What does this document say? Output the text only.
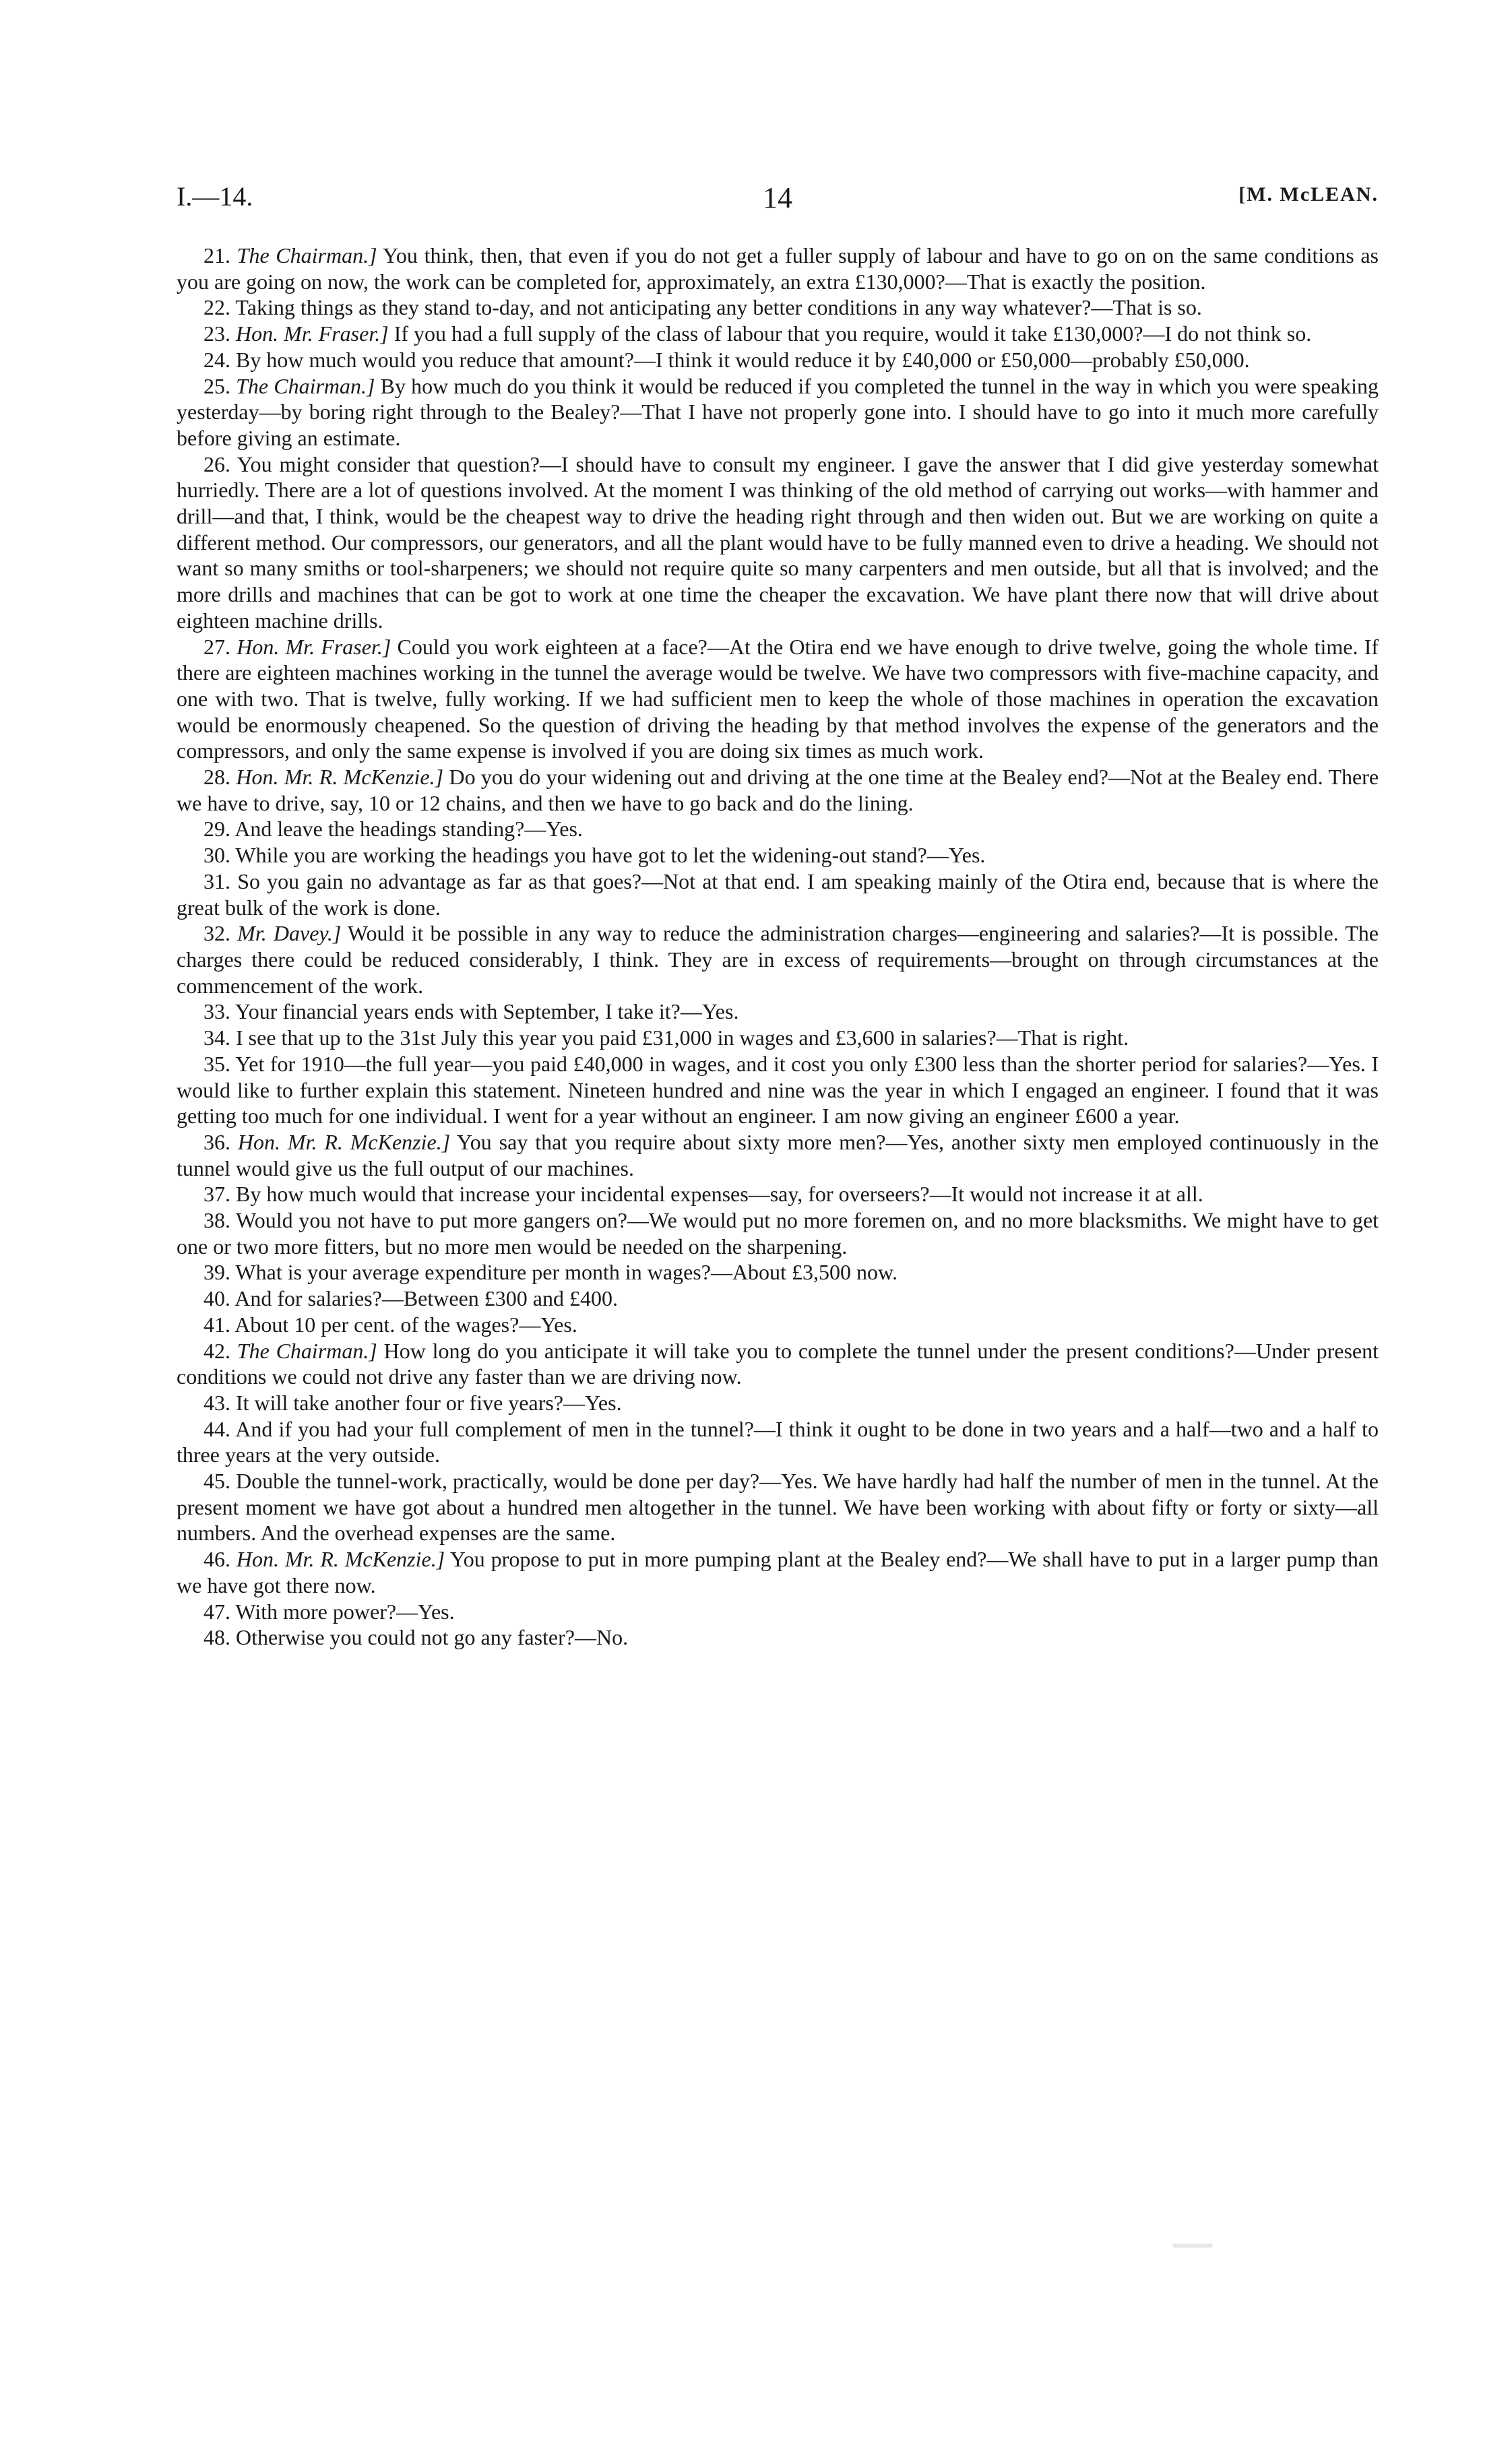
I.—14.	14	[M. McLEAN.

21. The Chairman.] You think, then, that even if you do not get a fuller supply of labour and have to go on on the same conditions as you are going on now, the work can be completed for, approximately, an extra £130,000?—That is exactly the position.

22. Taking things as they stand to-day, and not anticipating any better conditions in any way whatever?—That is so.

23. Hon. Mr. Fraser.] If you had a full supply of the class of labour that you require, would it take £130,000?—I do not think so.

24. By how much would you reduce that amount?—I think it would reduce it by £40,000 or £50,000—probably £50,000.

25. The Chairman.] By how much do you think it would be reduced if you completed the tunnel in the way in which you were speaking yesterday—by boring right through to the Bealey?—That I have not properly gone into. I should have to go into it much more carefully before giving an estimate.

26. You might consider that question?—I should have to consult my engineer. I gave the answer that I did give yesterday somewhat hurriedly. There are a lot of questions involved. At the moment I was thinking of the old method of carrying out works—with hammer and drill—and that, I think, would be the cheapest way to drive the heading right through and then widen out. But we are working on quite a different method. Our compressors, our generators, and all the plant would have to be fully manned even to drive a heading. We should not want so many smiths or tool-sharpeners; we should not require quite so many carpenters and men outside, but all that is involved; and the more drills and machines that can be got to work at one time the cheaper the excavation. We have plant there now that will drive about eighteen machine drills.

27. Hon. Mr. Fraser.] Could you work eighteen at a face?—At the Otira end we have enough to drive twelve, going the whole time. If there are eighteen machines working in the tunnel the average would be twelve. We have two compressors with five-machine capacity, and one with two. That is twelve, fully working. If we had sufficient men to keep the whole of those machines in operation the excavation would be enormously cheapened. So the question of driving the heading by that method involves the expense of the generators and the compressors, and only the same expense is involved if you are doing six times as much work.

28. Hon. Mr. R. McKenzie.] Do you do your widening out and driving at the one time at the Bealey end?—Not at the Bealey end. There we have to drive, say, 10 or 12 chains, and then we have to go back and do the lining.

29. And leave the headings standing?—Yes.

30. While you are working the headings you have got to let the widening-out stand?—Yes.

31. So you gain no advantage as far as that goes?—Not at that end. I am speaking mainly of the Otira end, because that is where the great bulk of the work is done.

32. Mr. Davey.] Would it be possible in any way to reduce the administration charges—engineering and salaries?—It is possible. The charges there could be reduced considerably, I think. They are in excess of requirements—brought on through circumstances at the commencement of the work.

33. Your financial years ends with September, I take it?—Yes.

34. I see that up to the 31st July this year you paid £31,000 in wages and £3,600 in salaries?—That is right.

35. Yet for 1910—the full year—you paid £40,000 in wages, and it cost you only £300 less than the shorter period for salaries?—Yes. I would like to further explain this statement. Nineteen hundred and nine was the year in which I engaged an engineer. I found that it was getting too much for one individual. I went for a year without an engineer. I am now giving an engineer £600 a year.

36. Hon. Mr. R. McKenzie.] You say that you require about sixty more men?—Yes, another sixty men employed continuously in the tunnel would give us the full output of our machines.

37. By how much would that increase your incidental expenses—say, for overseers?—It would not increase it at all.

38. Would you not have to put more gangers on?—We would put no more foremen on, and no more blacksmiths. We might have to get one or two more fitters, but no more men would be needed on the sharpening.

39. What is your average expenditure per month in wages?—About £3,500 now.

40. And for salaries?—Between £300 and £400.

41. About 10 per cent. of the wages?—Yes.

42. The Chairman.] How long do you anticipate it will take you to complete the tunnel under the present conditions?—Under present conditions we could not drive any faster than we are driving now.

43. It will take another four or five years?—Yes.

44. And if you had your full complement of men in the tunnel?—I think it ought to be done in two years and a half—two and a half to three years at the very outside.

45. Double the tunnel-work, practically, would be done per day?—Yes. We have hardly had half the number of men in the tunnel. At the present moment we have got about a hundred men altogether in the tunnel. We have been working with about fifty or forty or sixty—all numbers. And the overhead expenses are the same.

46. Hon. Mr. R. McKenzie.] You propose to put in more pumping plant at the Bealey end?—We shall have to put in a larger pump than we have got there now.

47. With more power?—Yes.

48. Otherwise you could not go any faster?—No.
